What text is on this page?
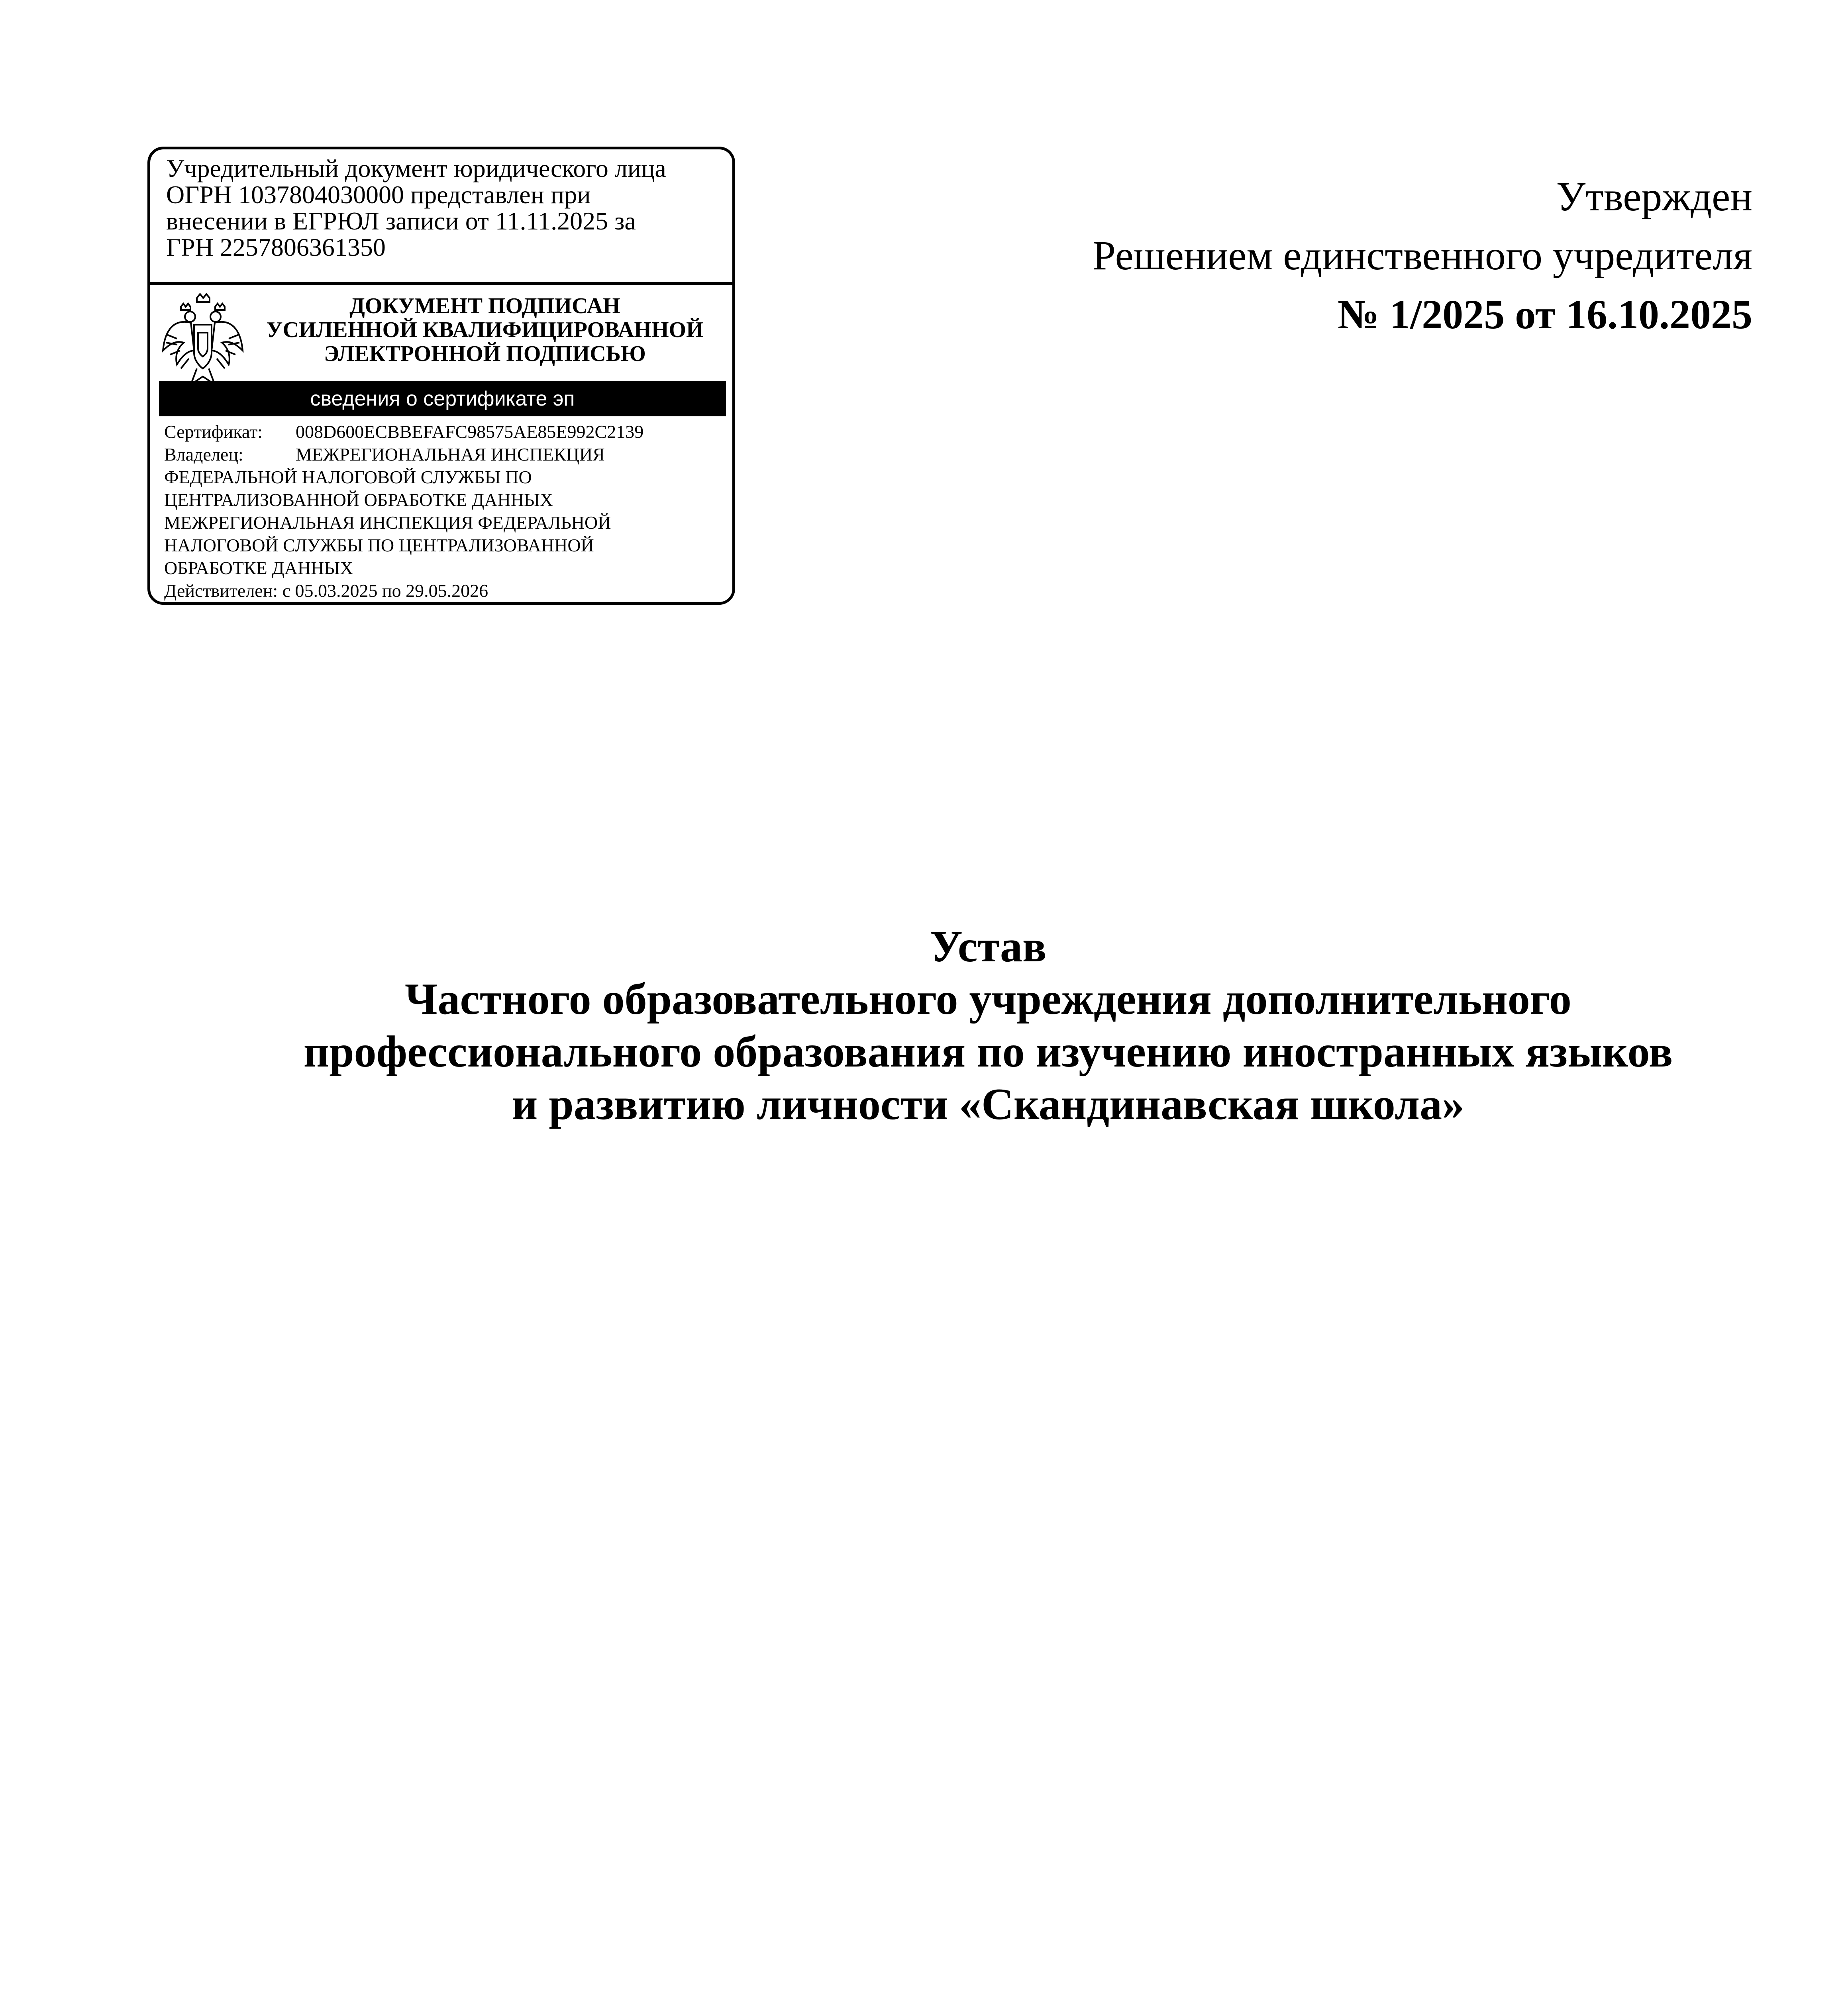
Учредительный документ юридического лица
ОГРН 1037804030000 представлен при
внесении в ЕГРЮЛ записи от 11.11.2025 за
ГРН 2257806361350
ДОКУМЕНТ ПОДПИСАН
УСИЛЕННОЙ КВАЛИФИЦИРОВАННОЙ
ЭЛЕКТРОННОЙ ПОДПИСЬЮ
сведения о сертификате эп
Сертификат: 008D600ECBBEFAFC98575AE85E992C2139
Владелец:	МЕЖРЕГИОНАЛЬНАЯ ИНСПЕКЦИЯ
ФЕДЕРАЛЬНОЙ НАЛОГОВОЙ СЛУЖБЫ ПО
ЦЕНТРАЛИЗОВАННОЙ ОБРАБОТКЕ ДАННЫХ
МЕЖРЕГИОНАЛЬНАЯ ИНСПЕКЦИЯ ФЕДЕРАЛЬНОЙ
НАЛОГОВОЙ СЛУЖБЫ ПО ЦЕНТРАЛИЗОВАННОЙ
ОБРАБОТКЕ ДАННЫХ
Действителен: с 05.03.2025 по 29.05.2026
Утвержден
Решением единственного учредителя
№ 1/2025 от 16.10.2025
Устав
Частного образовательного учреждения дополнительного
профессионального образования по изучению иностранных языков
и развитию личности «Скандинавская школа»
